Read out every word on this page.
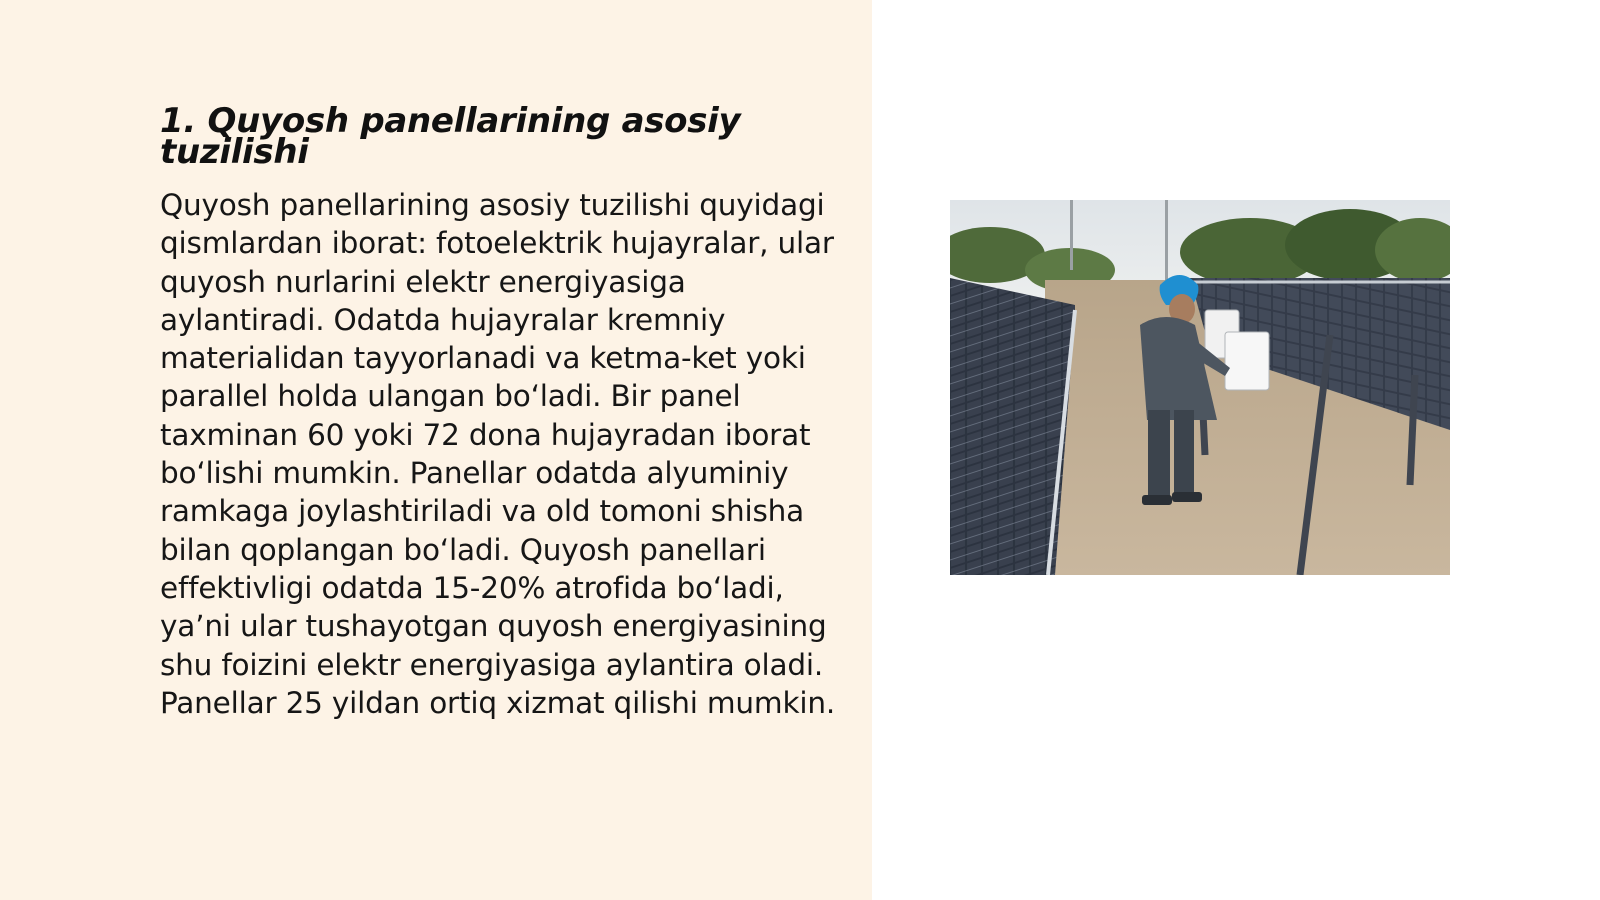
1. Quyosh panellarining asosiy tuzilishi

Quyosh panellarining asosiy tuzilishi quyidagi qismlardan iborat: fotoelektrik hujayralar, ular quyosh nurlarini elektr energiyasiga aylantiradi. Odatda hujayralar kremniy materialidan tayyorlanadi va ketma-ket yoki parallel holda ulangan bo‘ladi. Bir panel taxminan 60 yoki 72 dona hujayradan iborat bo‘lishi mumkin. Panellar odatda alyuminiy ramkaga joylashtiriladi va old tomoni shisha bilan qoplangan bo‘ladi. Quyosh panellari effektivligi odatda 15-20% atrofida bo‘ladi, ya’ni ular tushayotgan quyosh energiyasining shu foizini elektr energiyasiga aylantira oladi. Panellar 25 yildan ortiq xizmat qilishi mumkin.
